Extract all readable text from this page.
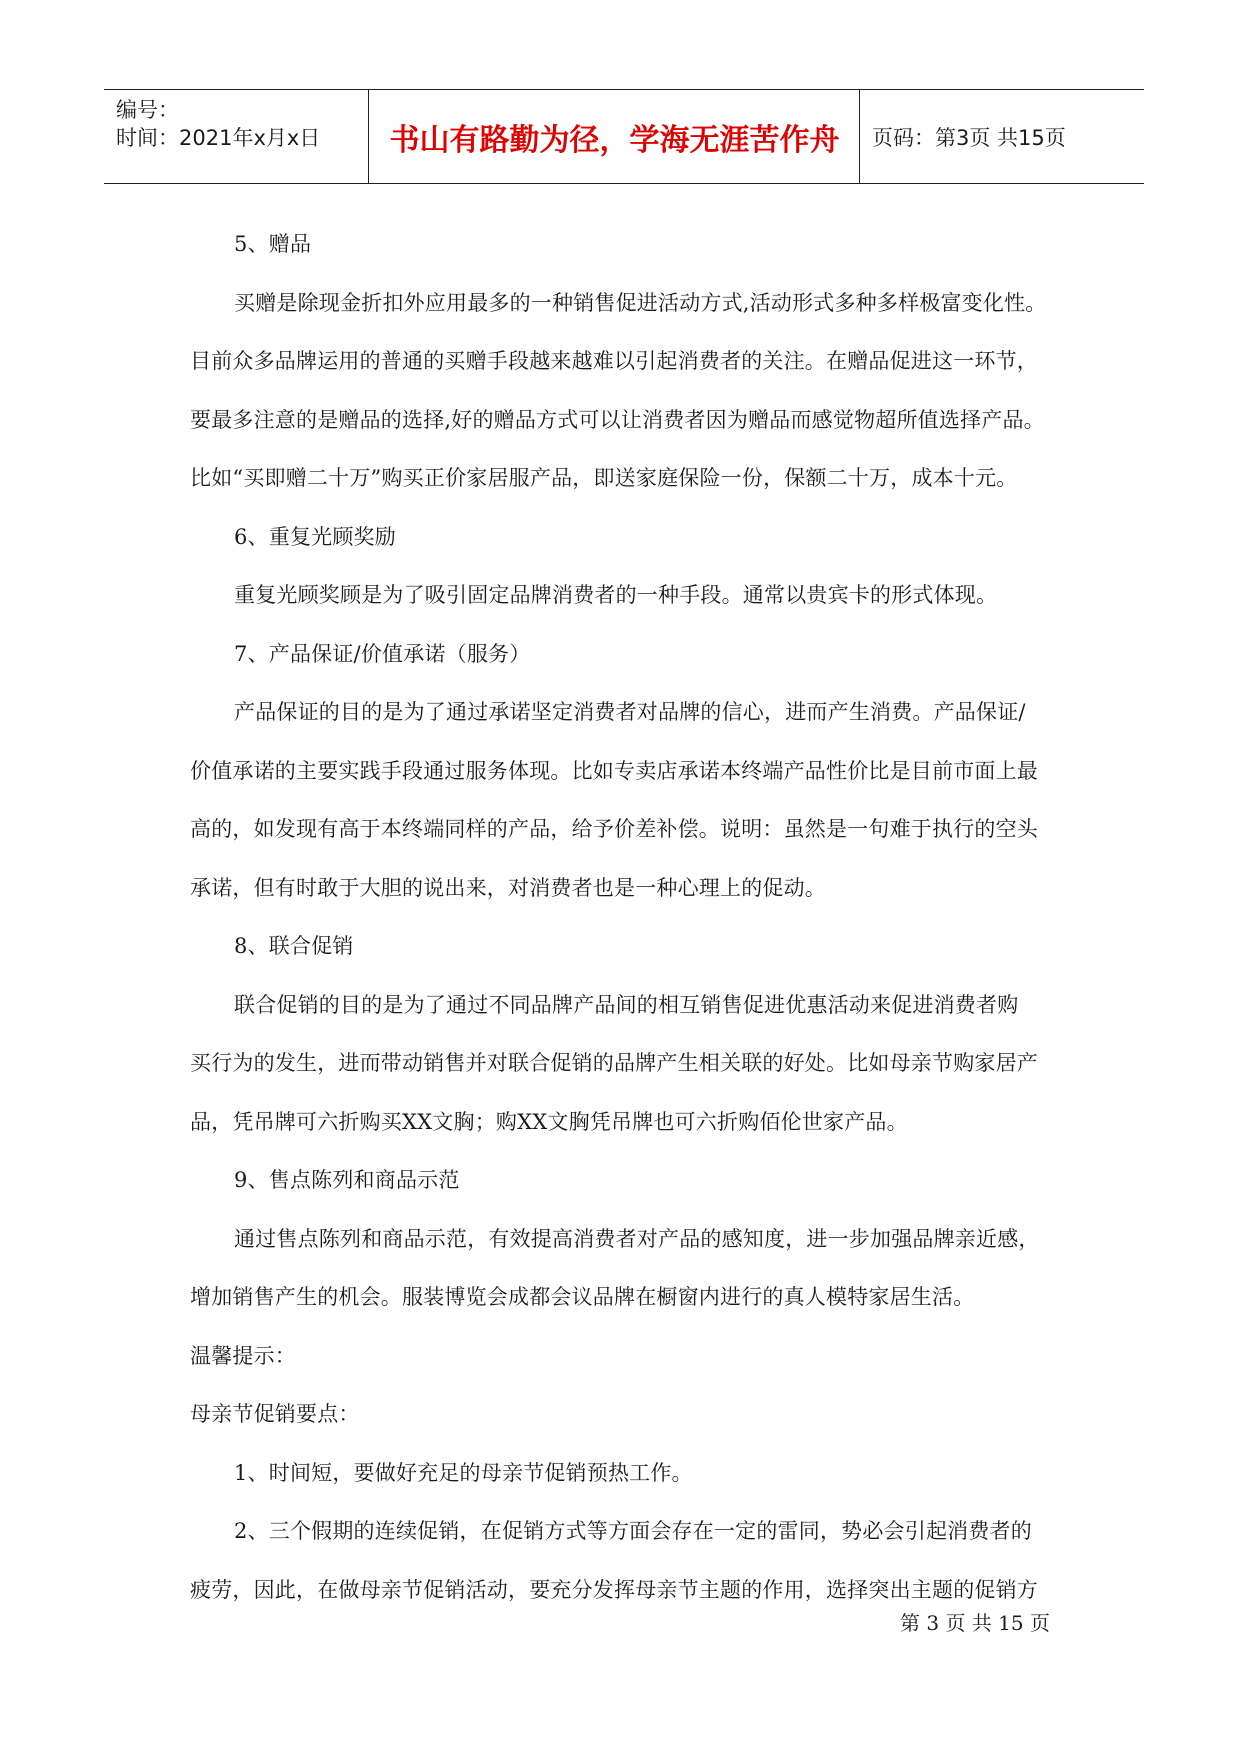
编号：
时间：2021年x月x日	书山有路勤为径，学海无涯苦作舟	页码：第3页 共15页
5、赠品
买赠是除现金折扣外应用最多的一种销售促进活动方式,活动形式多种多样极富变化性。
目前众多品牌运用的普通的买赠手段越来越难以引起消费者的关注。在赠品促进这一环节，
要最多注意的是赠品的选择,好的赠品方式可以让消费者因为赠品而感觉物超所值选择产品。
比如“买即赠二十万”购买正价家居服产品，即送家庭保险一份，保额二十万，成本十元。
6、重复光顾奖励
重复光顾奖顾是为了吸引固定品牌消费者的一种手段。通常以贵宾卡的形式体现。
7、产品保证/价值承诺（服务）
产品保证的目的是为了通过承诺坚定消费者对品牌的信心，进而产生消费。产品保证/
价值承诺的主要实践手段通过服务体现。比如专卖店承诺本终端产品性价比是目前市面上最
高的，如发现有高于本终端同样的产品，给予价差补偿。说明：虽然是一句难于执行的空头
承诺，但有时敢于大胆的说出来，对消费者也是一种心理上的促动。
8、联合促销
联合促销的目的是为了通过不同品牌产品间的相互销售促进优惠活动来促进消费者购
买行为的发生，进而带动销售并对联合促销的品牌产生相关联的好处。比如母亲节购家居产
品，凭吊牌可六折购买XX文胸；购XX文胸凭吊牌也可六折购佰伦世家产品。
9、售点陈列和商品示范
通过售点陈列和商品示范，有效提高消费者对产品的感知度，进一步加强品牌亲近感，
增加销售产生的机会。服装博览会成都会议品牌在橱窗内进行的真人模特家居生活。
温馨提示：
母亲节促销要点：
1、时间短，要做好充足的母亲节促销预热工作。
2、三个假期的连续促销，在促销方式等方面会存在一定的雷同，势必会引起消费者的
疲劳，因此，在做母亲节促销活动，要充分发挥母亲节主题的作用，选择突出主题的促销方
第 3 页 共 15 页
